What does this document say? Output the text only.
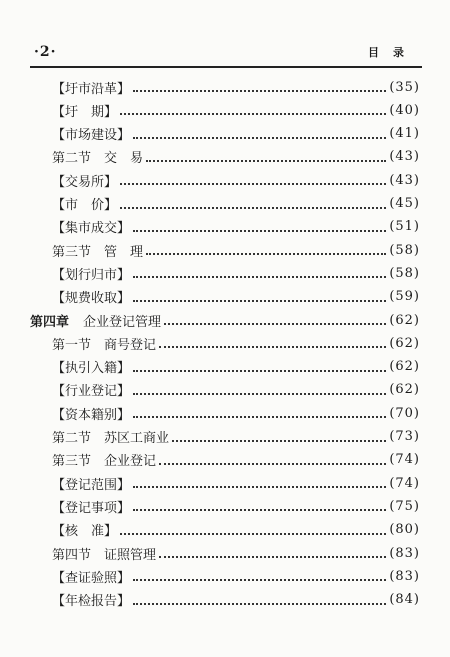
·2·	目录
【圩市沿革】	(35)
【圩　期】	(40)
【市场建设】	(41)
第二节　交　易	(43)
【交易所】	(43)
【市　价】	(45)
【集市成交】	(51)
第三节　管　理	(58)
【划行归市】	(58)
【规费收取】	(59)
第四章 企业登记管理	(62)
第一节　商号登记	(62)
【执引入籍】	(62)
【行业登记】	(62)
【资本籍别】	(70)
第二节　苏区工商业	(73)
第三节　企业登记	(74)
【登记范围】	(74)
【登记事项】	(75)
【核　准】	(80)
第四节　证照管理	(83)
【查证验照】	(83)
【年检报告】	(84)
